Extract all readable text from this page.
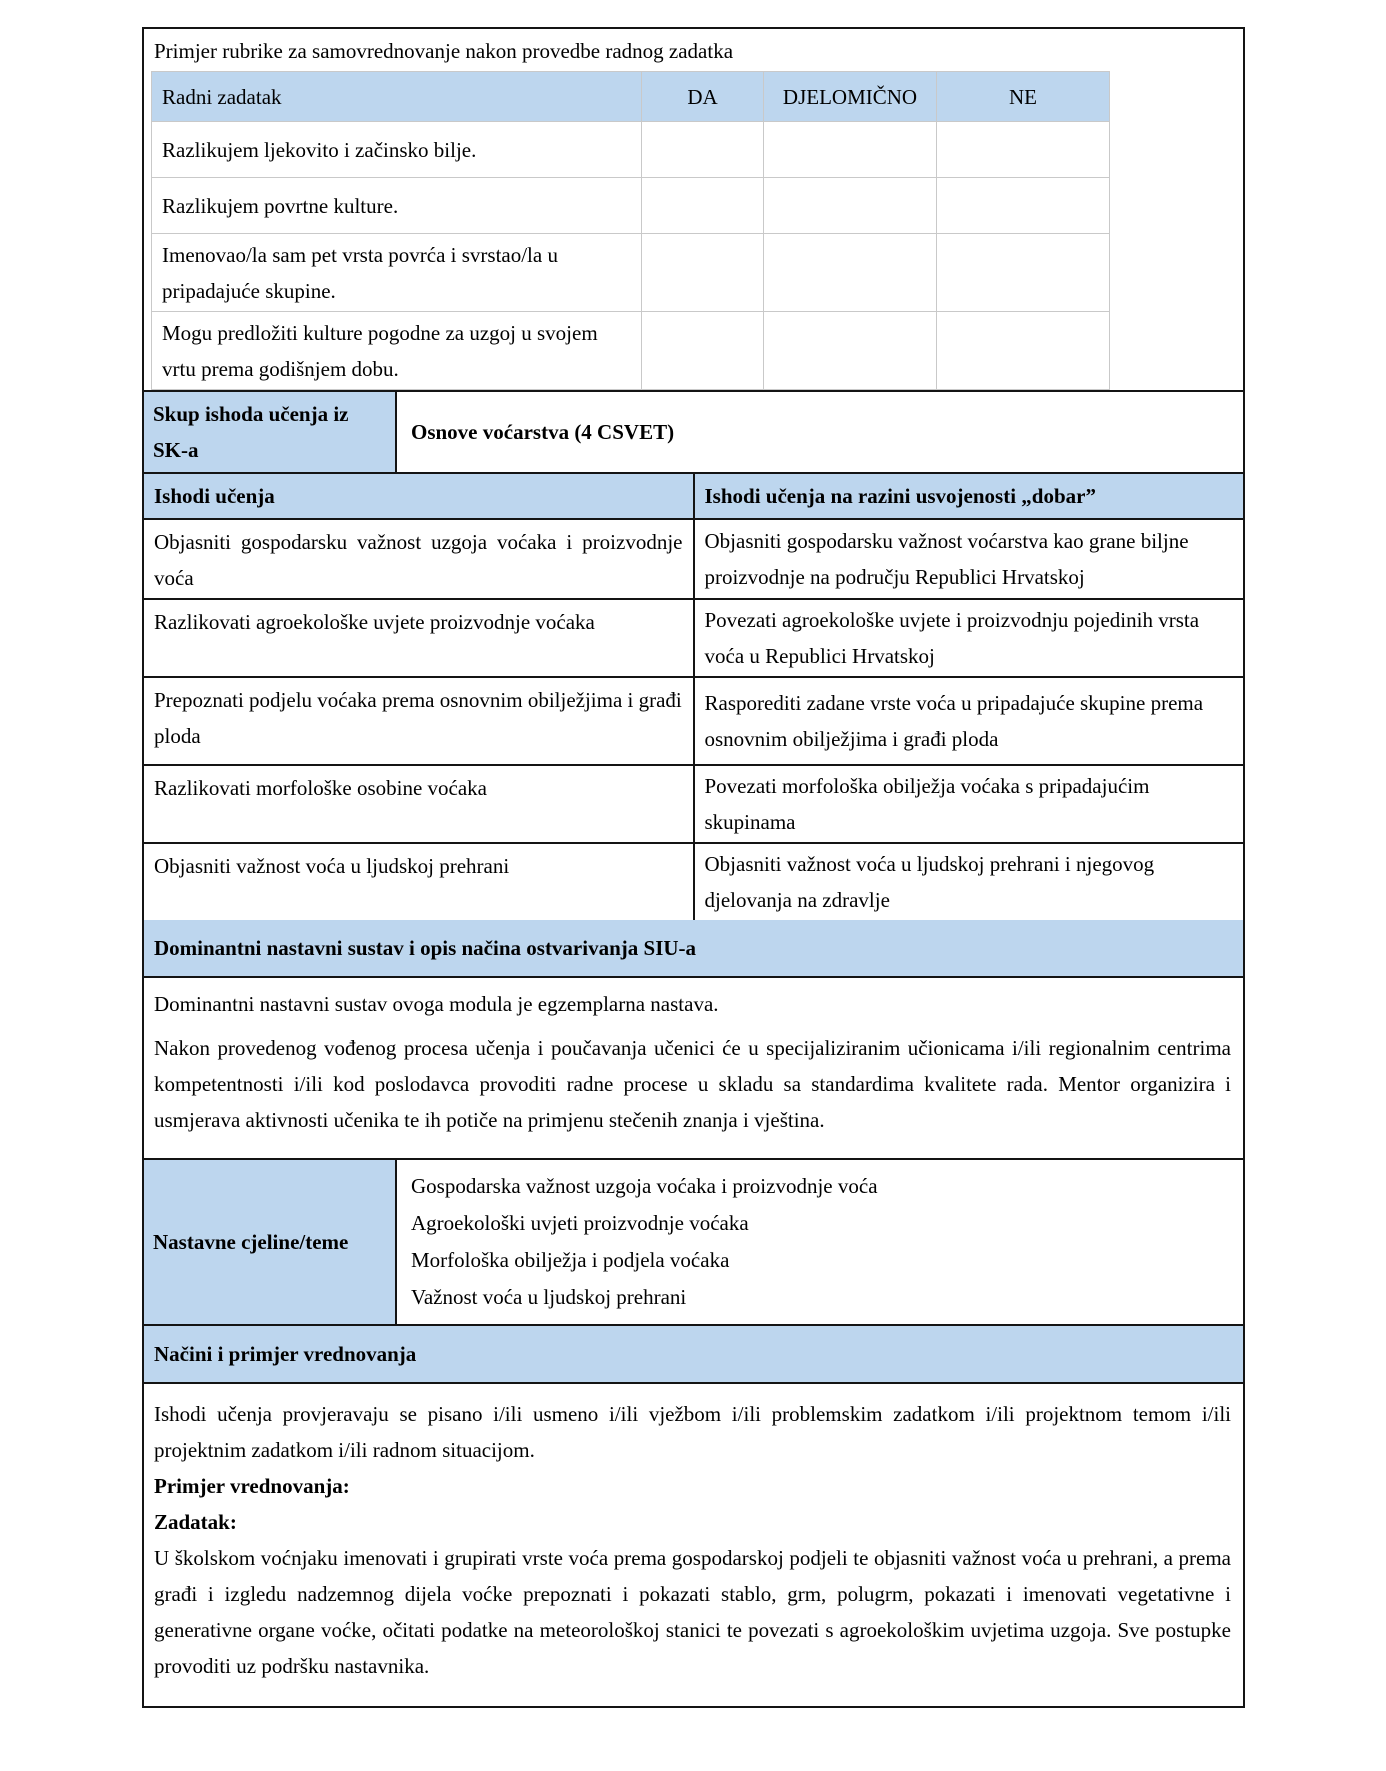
Primjer rubrike za samovrednovanje nakon provedbe radnog zadatka
Radni zadatak	DA	DJELOMIČNO	NE
Razlikujem ljekovito i začinsko bilje.			
Razlikujem povrtne kulture.			
Imenovao/la sam pet vrsta povrća i svrstao/la u pripadajuće skupine.			
Mogu predložiti kulture pogodne za uzgoj u svojem vrtu prema godišnjem dobu.			
Skup ishoda učenja iz SK-a
Osnove voćarstva (4 CSVET)
Ishodi učenja	Ishodi učenja na razini usvojenosti „dobar”
Objasniti gospodarsku važnost uzgoja voćaka i proizvodnje voća	Objasniti gospodarsku važnost voćarstva kao grane biljne proizvodnje na području Republici Hrvatskoj
Razlikovati agroekološke uvjete proizvodnje voćaka	Povezati agroekološke uvjete i proizvodnju pojedinih vrsta voća u Republici Hrvatskoj
Prepoznati podjelu voćaka prema osnovnim obilježjima i građi ploda	Rasporediti zadane vrste voća u pripadajuće skupine prema osnovnim obilježjima i građi ploda
Razlikovati morfološke osobine voćaka	Povezati morfološka obilježja voćaka s pripadajućim skupinama
Objasniti važnost voća u ljudskoj prehrani	Objasniti važnost voća u ljudskoj prehrani i njegovog djelovanja na zdravlje
Dominantni nastavni sustav i opis načina ostvarivanja SIU-a

Dominantni nastavni sustav ovoga modula je egzemplarna nastava.

Nakon provedenog vođenog procesa učenja i poučavanja učenici će u specijaliziranim učionicama i/ili regionalnim centrima kompetentnosti i/ili kod poslodavca provoditi radne procese u skladu sa standardima kvalitete rada. Mentor organizira i usmjerava aktivnosti učenika te ih potiče na primjenu stečenih znanja i vještina.

Nastavne cjeline/teme
Gospodarska važnost uzgoja voćaka i proizvodnje voća
Agroekološki uvjeti proizvodnje voćaka
Morfološka obilježja i podjela voćaka
Važnost voća u ljudskoj prehrani
Načini i primjer vrednovanja

Ishodi učenja provjeravaju se pisano i/ili usmeno i/ili vježbom i/ili problemskim zadatkom i/ili projektnom temom i/ili projektnim zadatkom i/ili radnom situacijom.

Primjer vrednovanja:

Zadatak:

U školskom voćnjaku imenovati i grupirati vrste voća prema gospodarskoj podjeli te objasniti važnost voća u prehrani, a prema građi i izgledu nadzemnog dijela voćke prepoznati i pokazati stablo, grm, polugrm, pokazati i imenovati vegetativne i generativne organe voćke, očitati podatke na meteorološkoj stanici te povezati s agroekološkim uvjetima uzgoja. Sve postupke provoditi uz podršku nastavnika.
